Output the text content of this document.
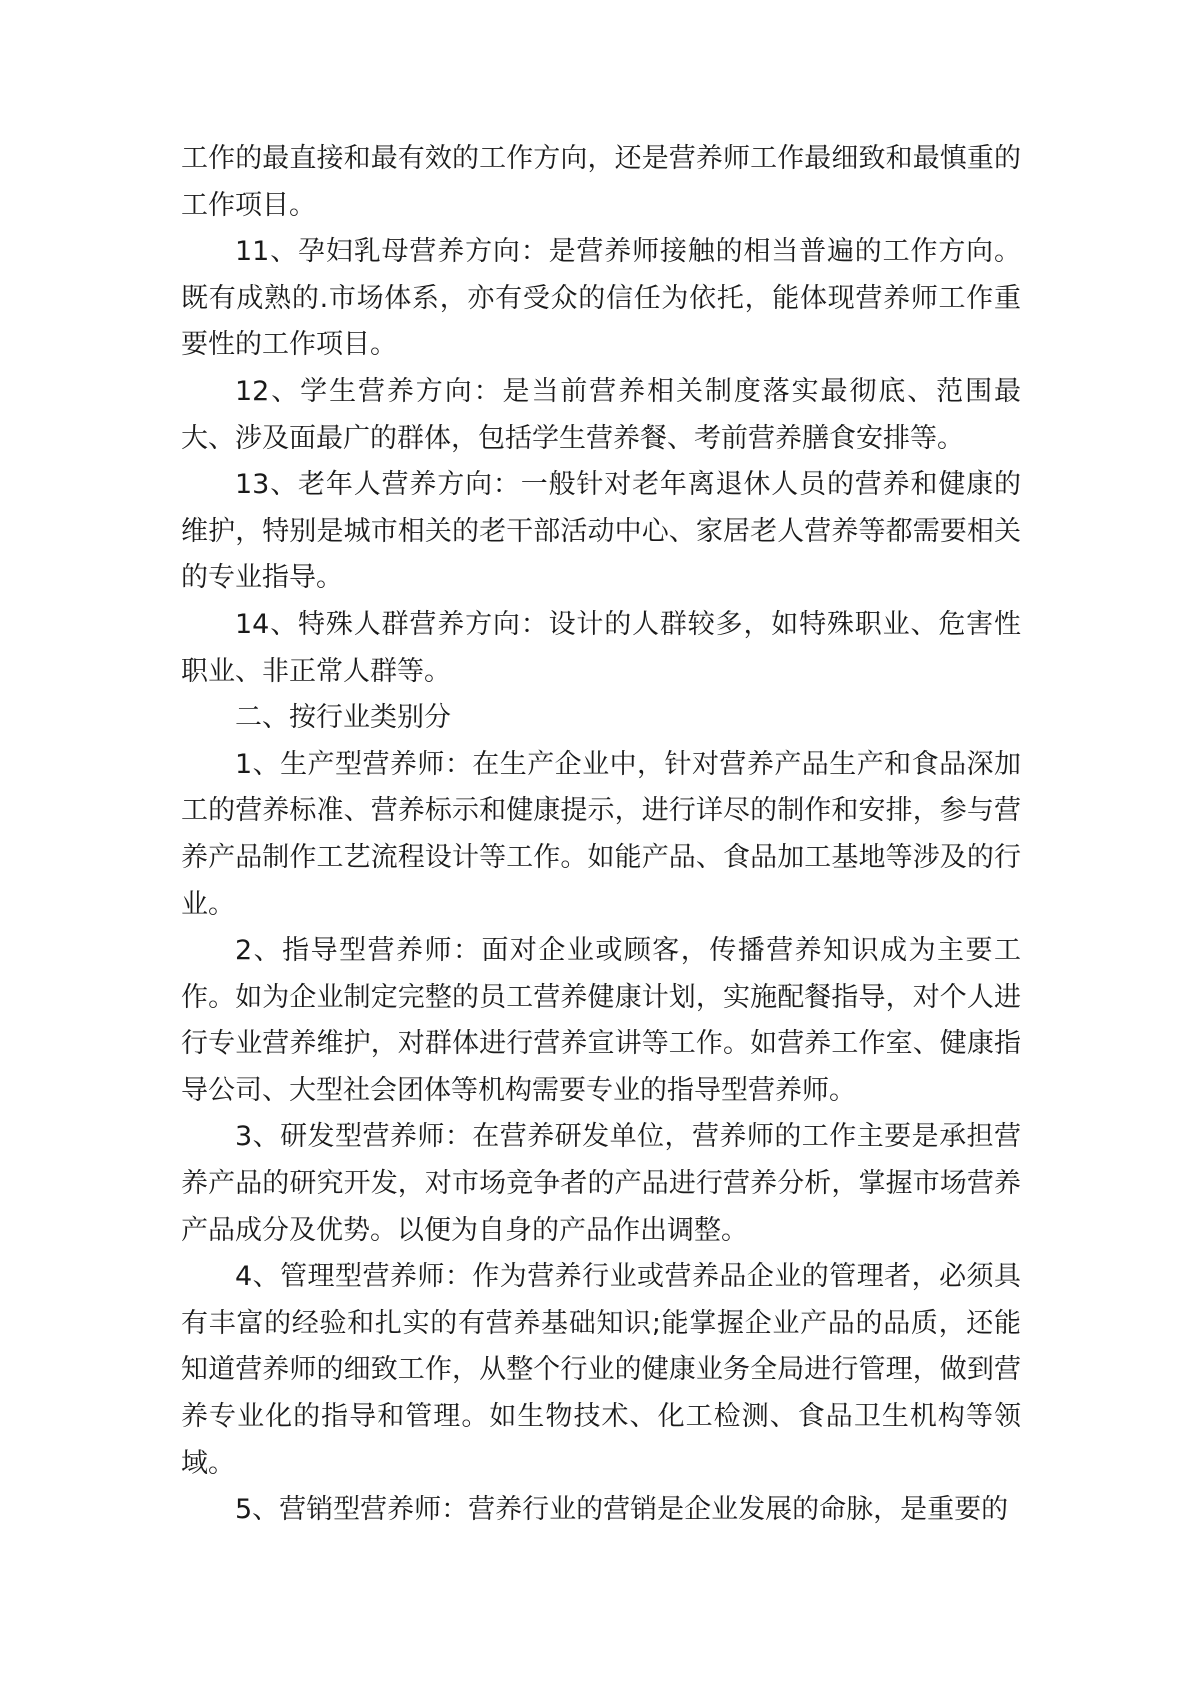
工作的最直接和最有效的工作方向，还是营养师工作最细致和最慎重的工作项目。

11、孕妇乳母营养方向：是营养师接触的相当普遍的工作方向。既有成熟的.市场体系，亦有受众的信任为依托，能体现营养师工作重要性的工作项目。

12、学生营养方向：是当前营养相关制度落实最彻底、范围最大、涉及面最广的群体，包括学生营养餐、考前营养膳食安排等。

13、老年人营养方向：一般针对老年离退休人员的营养和健康的维护，特别是城市相关的老干部活动中心、家居老人营养等都需要相关的专业指导。

14、特殊人群营养方向：设计的人群较多，如特殊职业、危害性职业、非正常人群等。

二、按行业类别分

1、生产型营养师：在生产企业中，针对营养产品生产和食品深加工的营养标准、营养标示和健康提示，进行详尽的制作和安排，参与营养产品制作工艺流程设计等工作。如能产品、食品加工基地等涉及的行业。

2、指导型营养师：面对企业或顾客，传播营养知识成为主要工作。如为企业制定完整的员工营养健康计划，实施配餐指导，对个人进行专业营养维护，对群体进行营养宣讲等工作。如营养工作室、健康指导公司、大型社会团体等机构需要专业的指导型营养师。

3、研发型营养师：在营养研发单位，营养师的工作主要是承担营养产品的研究开发，对市场竞争者的产品进行营养分析，掌握市场营养产品成分及优势。以便为自身的产品作出调整。

4、管理型营养师：作为营养行业或营养品企业的管理者，必须具有丰富的经验和扎实的有营养基础知识;能掌握企业产品的品质，还能知道营养师的细致工作，从整个行业的健康业务全局进行管理，做到营养专业化的指导和管理。如生物技术、化工检测、食品卫生机构等领域。

5、营销型营养师：营养行业的营销是企业发展的命脉，是重要的
